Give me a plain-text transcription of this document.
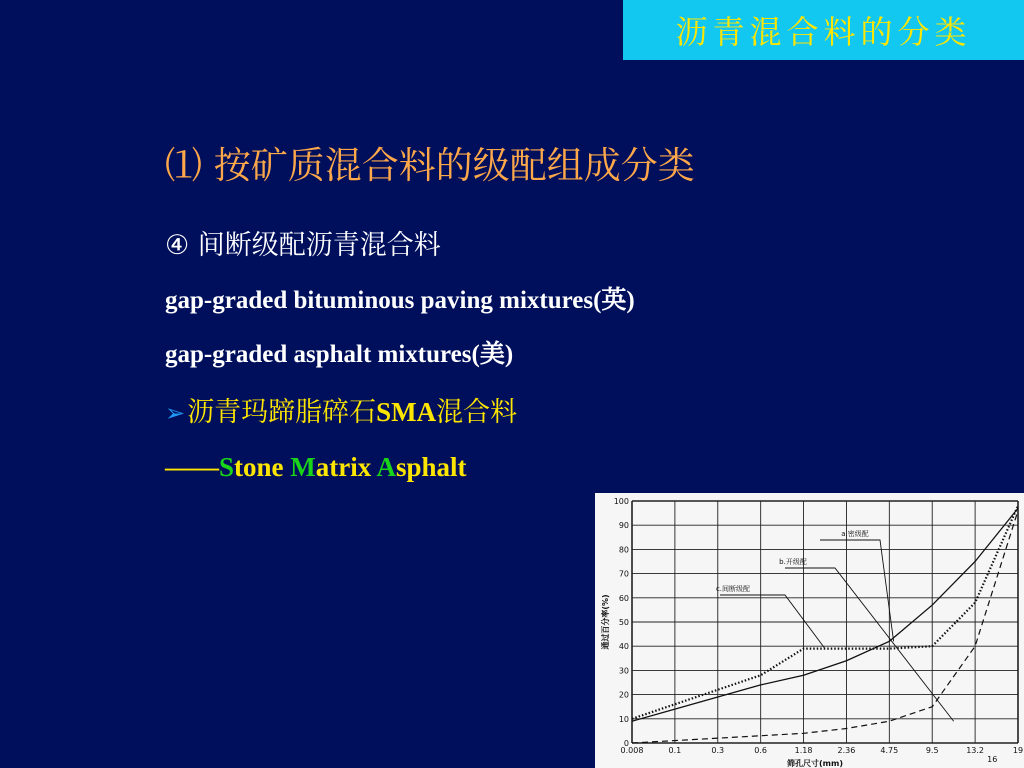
沥青混合料的分类
⑴ 按矿质混合料的级配组成分类
④ 间断级配沥青混合料
gap-graded bituminous paving mixtures(英)
gap-graded asphalt mixtures(美)
➢沥青玛蹄脂碎石SMA混合料
——Stone Matrix Asphalt
0
10
20
30
40
50
60
70
80
90
100
0.008	0.1	0.3	0.6	1.18	2.36	4.75	9.5	13.2	19
16
筛孔尺寸(mm)
通过百分率(%)
a.密级配
b.开级配
c.间断级配
